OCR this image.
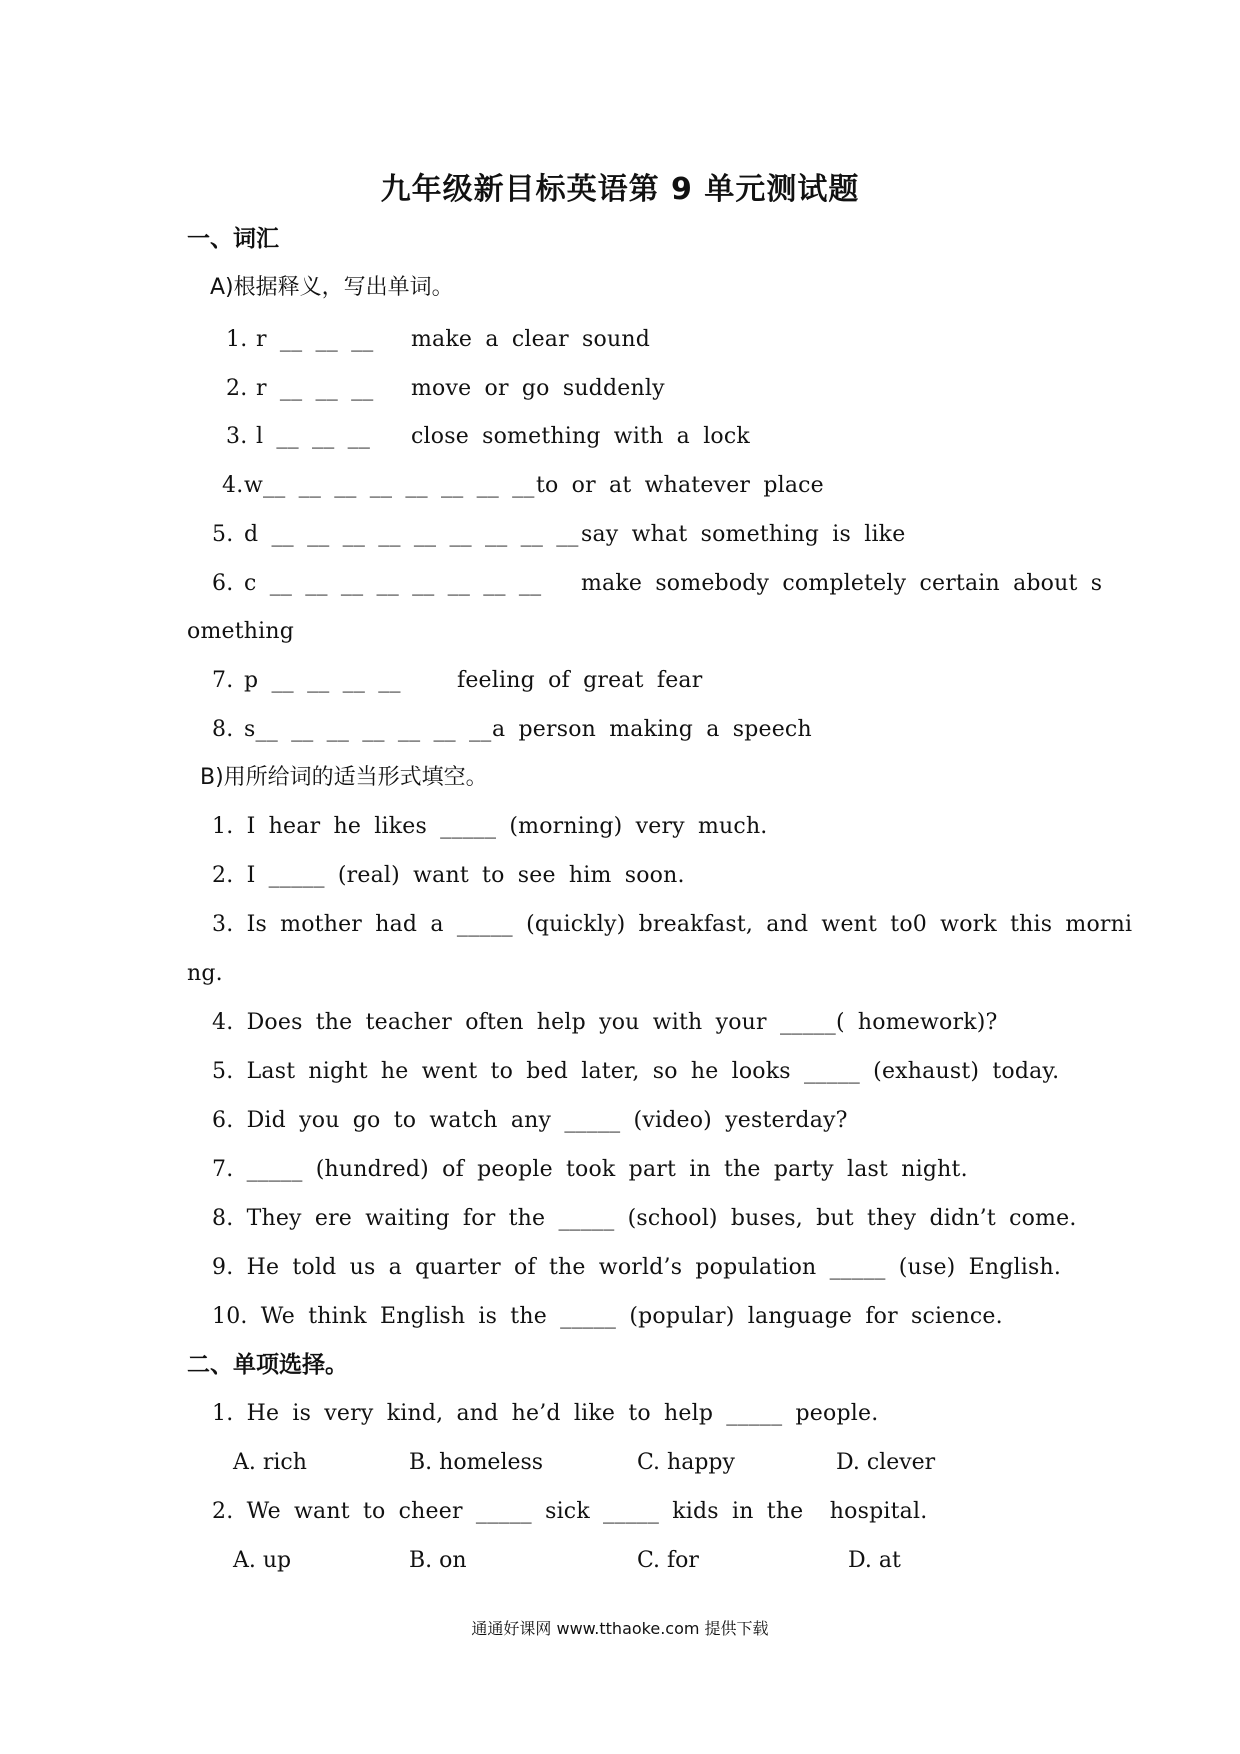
九年级新目标英语第 9 单元测试题
一、词汇
A)根据释义，写出单词。
1. r __ __ __ make a clear sound
2. r __ __ __ move or go suddenly
3. l __ __ __ close something with a lock
4. w__ __ __ __ __ __ __ __ to or at whatever place
5. d __ __ __ __ __ __ __ __ __ say what something is like
6. c __ __ __ __ __ __ __ __ make somebody completely certain about s
omething
7. p __ __ __ __	feeling of great fear
8. s__ __ __ __ __ __ __ a person making a speech
B)用所给词的适当形式填空。
1. I hear he likes _____ (morning) very much.
2. I _____ (real) want to see him soon.
3. Is mother had a _____ (quickly) breakfast, and went to0 work this morni
ng.
4. Does the teacher often help you with your _____( homework)?
5. Last night he went to bed later, so he looks _____ (exhaust) today.
6. Did you go to watch any _____ (video) yesterday?
7. _____ (hundred) of people took part in the party last night.
8. They ere waiting for the _____ (school) buses, but they didn’t come.
9. He told us a quarter of the world’s population _____ (use) English.
10. We think English is the _____ (popular) language for science.
二、单项选择。
1. He is very kind, and he’d like to help _____ people.
A. rich	B. homeless	C. happy	D. clever
2. We want to cheer _____ sick _____ kids in the  hospital.
A. up	B. on	C. for	D. at
通通好课网 www.tthaoke.com 提供下载
